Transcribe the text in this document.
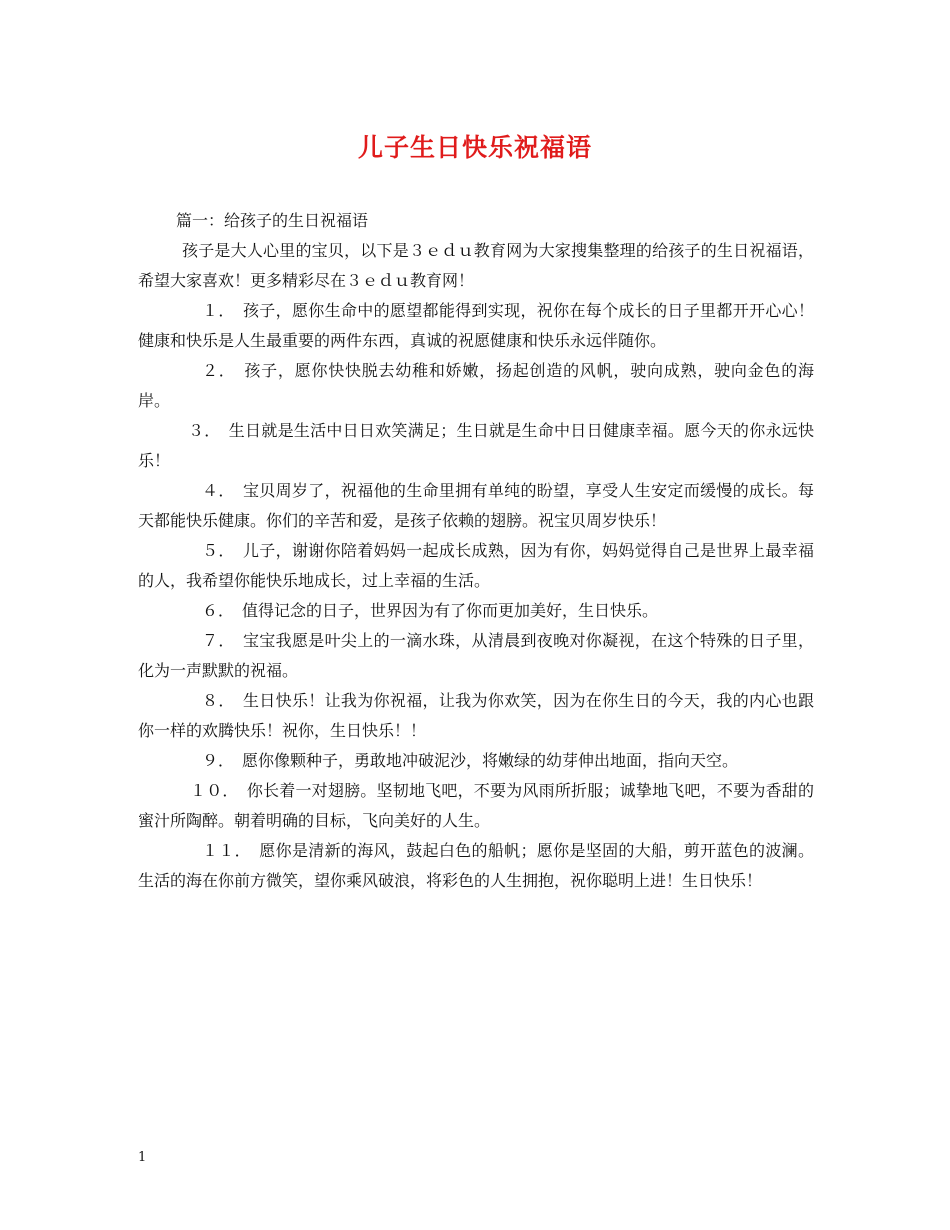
儿子生日快乐祝福语

篇一：给孩子的生日祝福语

孩子是大人心里的宝贝，以下是３ｅｄｕ教育网为大家搜集整理的给孩子的生日祝福语，希望大家喜欢！更多精彩尽在３ｅｄｕ教育网！

１．　孩子，愿你生命中的愿望都能得到实现，祝你在每个成长的日子里都开开心心！健康和快乐是人生最重要的两件东西，真诚的祝愿健康和快乐永远伴随你。

２．　孩子，愿你快快脱去幼稚和娇嫩，扬起创造的风帆，驶向成熟，驶向金色的海岸。

３．　生日就是生活中日日欢笑满足；生日就是生命中日日健康幸福。愿今天的你永远快乐！

４．　宝贝周岁了，祝福他的生命里拥有单纯的盼望，享受人生安定而缓慢的成长。每天都能快乐健康。你们的辛苦和爱，是孩子依赖的翅膀。祝宝贝周岁快乐！

５．　儿子，谢谢你陪着妈妈一起成长成熟，因为有你，妈妈觉得自己是世界上最幸福的人，我希望你能快乐地成长，过上幸福的生活。

６．　值得记念的日子，世界因为有了你而更加美好，生日快乐。

７．　宝宝我愿是叶尖上的一滴水珠，从清晨到夜晚对你凝视，在这个特殊的日子里，化为一声默默的祝福。

８．　生日快乐！让我为你祝福，让我为你欢笑，因为在你生日的今天，我的内心也跟你一样的欢腾快乐！祝你，生日快乐！！

９．　愿你像颗种子，勇敢地冲破泥沙，将嫩绿的幼芽伸出地面，指向天空。

１０．　你长着一对翅膀。坚韧地飞吧，不要为风雨所折服；诚挚地飞吧，不要为香甜的蜜汁所陶醉。朝着明确的目标，飞向美好的人生。

１１．　愿你是清新的海风，鼓起白色的船帆；愿你是坚固的大船，剪开蓝色的波澜。生活的海在你前方微笑，望你乘风破浪，将彩色的人生拥抱，祝你聪明上进！生日快乐！

1
